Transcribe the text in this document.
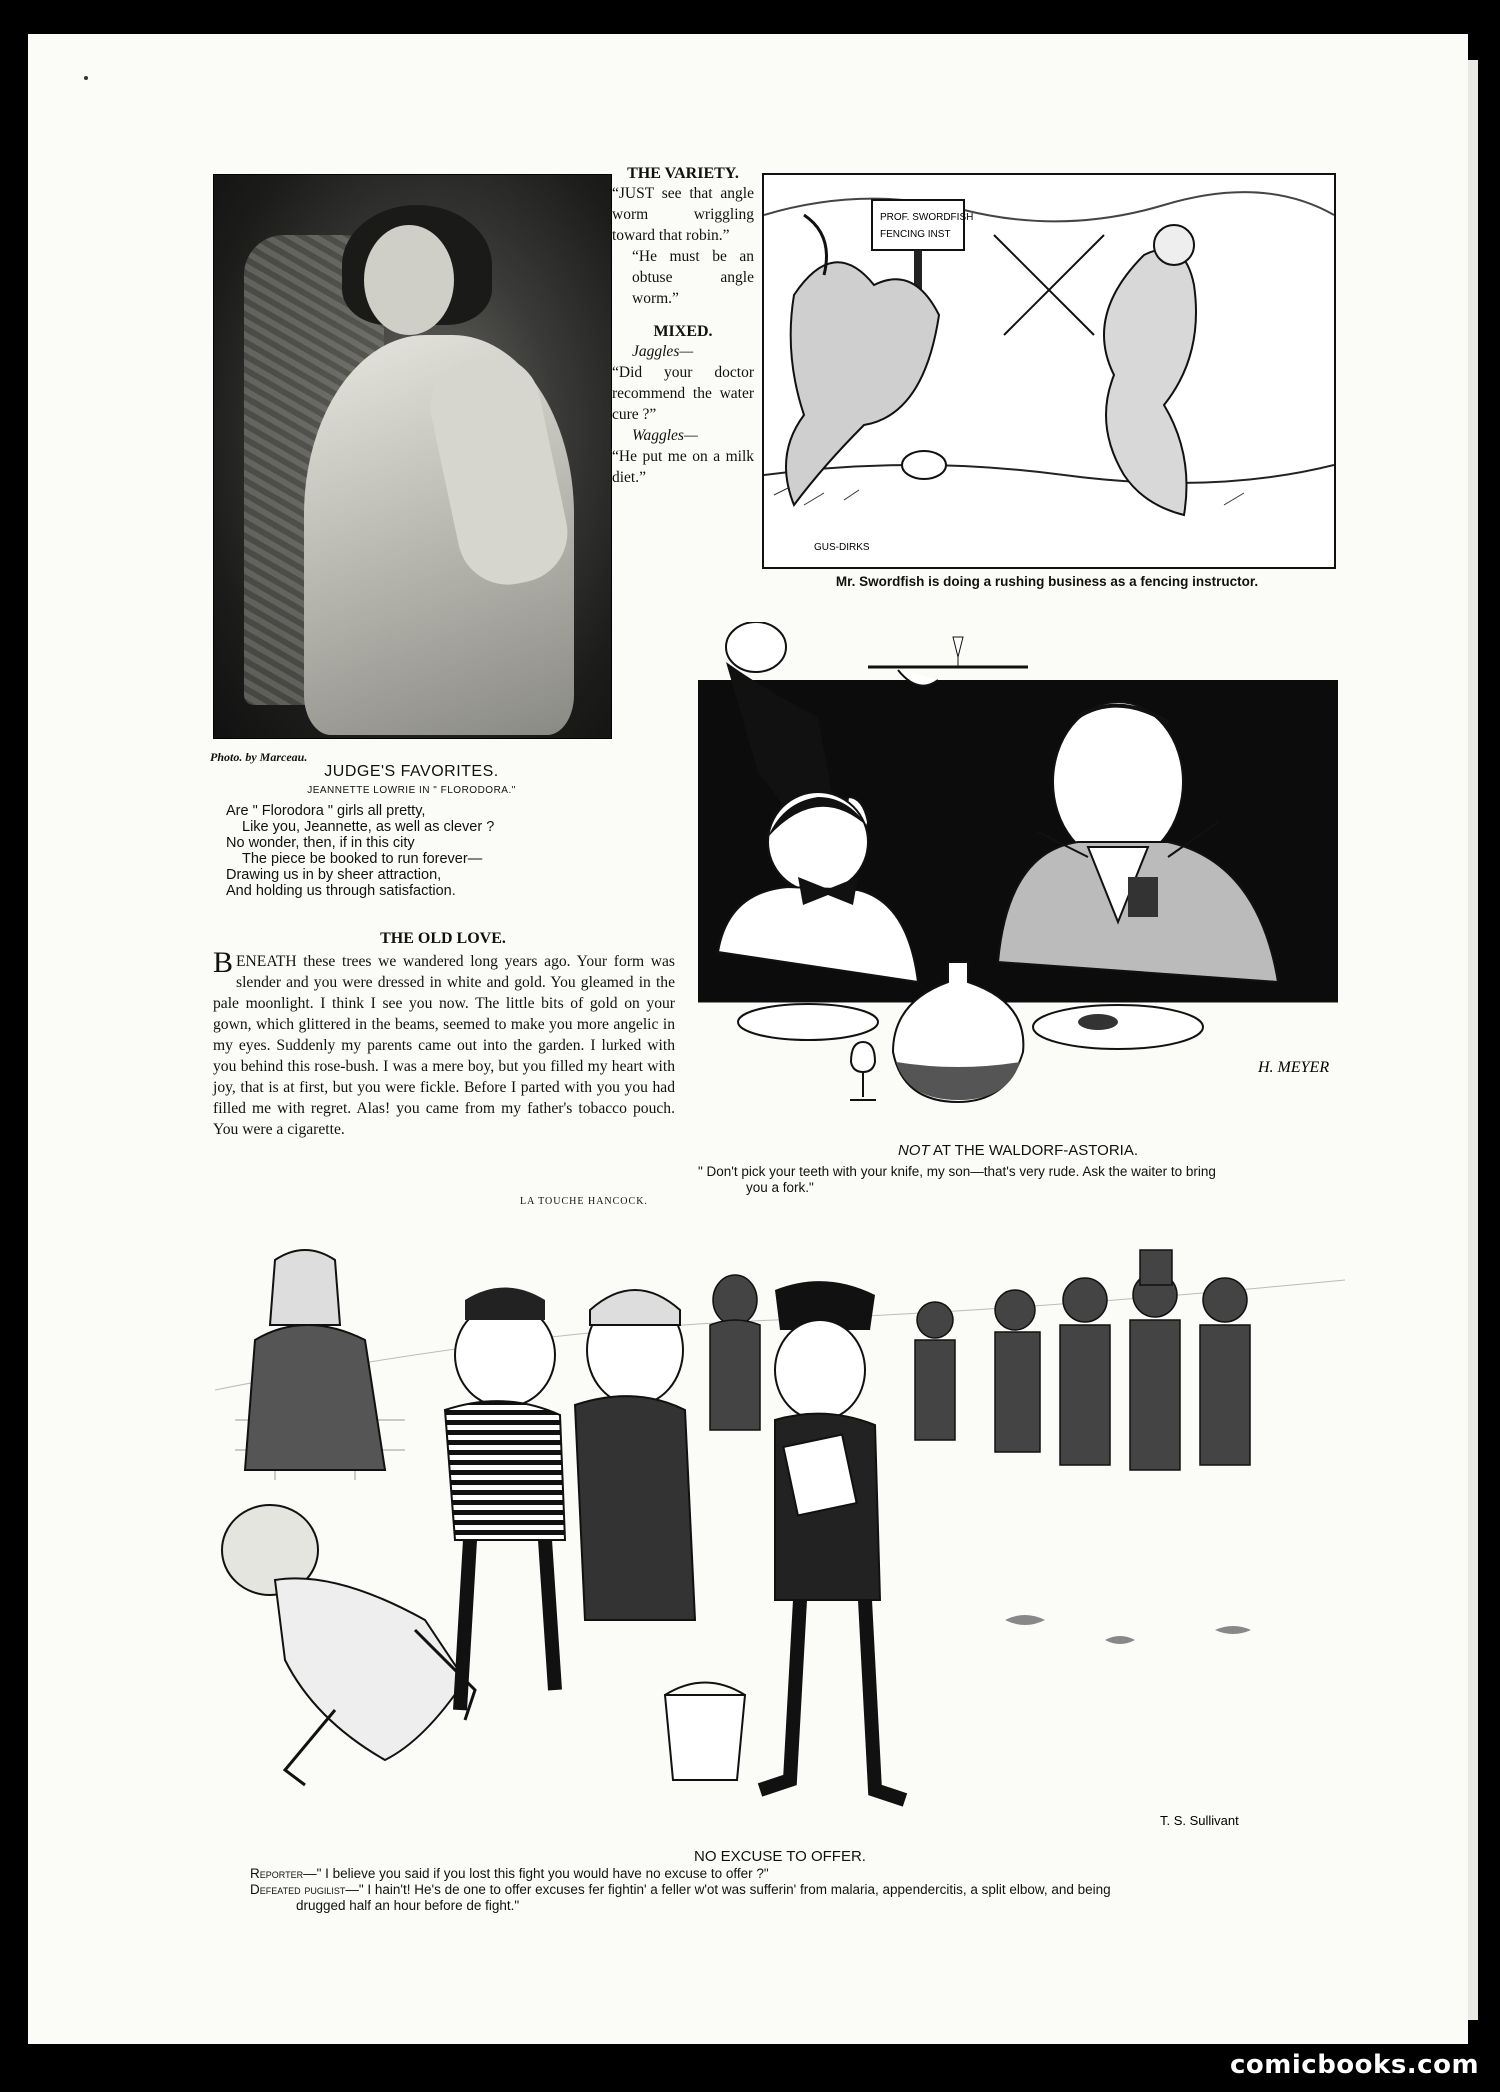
Photo. by Marceau.
JUDGE'S FAVORITES.
JEANNETTE LOWRIE IN " FLORODORA."
Are " Florodora " girls all pretty,
Like you, Jeannette, as well as clever ?
No wonder, then, if in this city
The piece be booked to run forever—
Drawing us in by sheer attraction,
And holding us through satisfaction.
THE VARIETY.
“JUST see that angle worm wriggling toward that robin.”
“He must be an obtuse angle worm.”
MIXED.
Jaggles—
“Did your doctor recommend the water cure ?”
Waggles—
“He put me on a milk diet.”
PROF. SWORDFISH
FENCING INST
GUS-DIRKS
Mr. Swordfish is doing a rushing business as a fencing instructor.
H. MEYER
NOT AT THE WALDORF-ASTORIA.
" Don't pick your teeth with your knife, my son—that's very rude. Ask the waiter to bring
you a fork."
THE OLD LOVE.

BENEATH these trees we wandered long years ago. Your form was slender and you were dressed in white and gold. You gleamed in the pale moonlight. I think I see you now. The little bits of gold on your gown, which glittered in the beams, seemed to make you more angelic in my eyes. Suddenly my parents came out into the garden. I lurked with you behind this rose-bush. I was a mere boy, but you filled my heart with joy, that is at first, but you were fickle. Before I parted with you you had filled me with regret. Alas! you came from my father's tobacco pouch. You were a cigarette.

LA TOUCHE HANCOCK.
T. S. Sullivant
NO EXCUSE TO OFFER.
Reporter—" I believe you said if you lost this fight you would have no excuse to offer ?"
Defeated pugilist—" I hain't! He's de one to offer excuses fer fightin' a feller w'ot was sufferin' from malaria, appendercitis, a split elbow, and being
drugged half an hour before de fight."
comicbooks.com
